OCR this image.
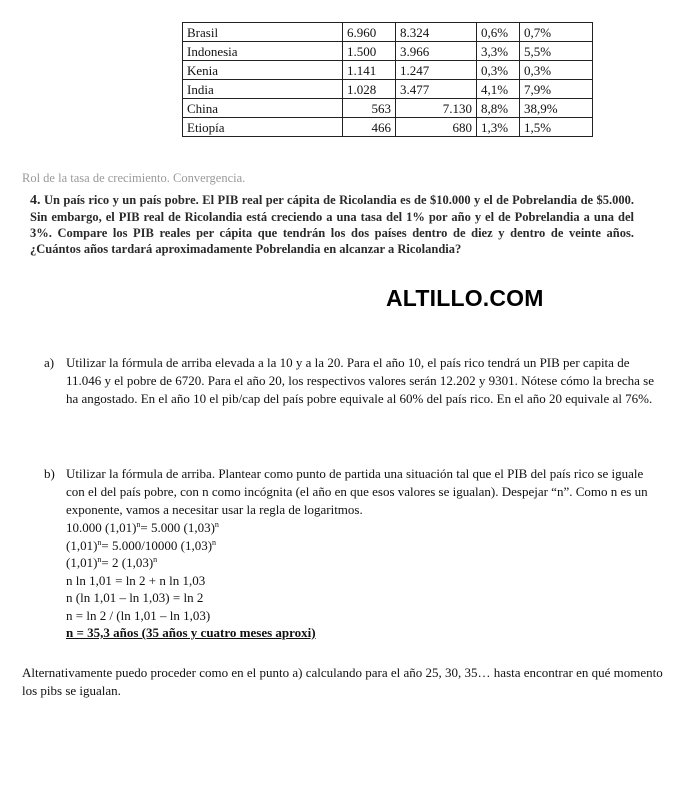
Brasil	6.960	8.324	0,6%	0,7%
Indonesia	1.500	3.966	3,3%	5,5%
Kenia	1.141	1.247	0,3%	0,3%
India	1.028	3.477	4,1%	7,9%
China	563	7.130	8,8%	38,9%
Etiopía	466	680	1,3%	1,5%
Rol de la tasa de crecimiento. Convergencia.
4. Un país rico y un país pobre. El PIB real per cápita de Ricolandia es de $10.000 y el de Pobrelandia de $5.000. Sin embargo, el PIB real de Ricolandia está creciendo a una tasa del 1% por año y el de Pobrelandia a una del 3%. Compare los PIB reales per cápita que tendrán los dos países dentro de diez y dentro de veinte años. ¿Cuántos años tardará aproximadamente Pobrelandia en alcanzar a Ricolandia?
ALTILLO.COM
a) Utilizar la fórmula de arriba elevada a la 10 y a la 20. Para el año 10, el país rico tendrá un PIB per capita de 11.046 y el pobre de 6720. Para el año 20, los respectivos valores serán 12.202 y 9301. Nótese cómo la brecha se ha angostado. En el año 10 el pib/cap del país pobre equivale al 60% del país rico. En el año 20 equivale al 76%.
b) Utilizar la fórmula de arriba. Plantear como punto de partida una situación tal que el PIB del país rico se iguale con el del país pobre, con n como incógnita (el año en que esos valores se igualan). Despejar “n”. Como n es un exponente, vamos a necesitar usar la regla de logaritmos.

10.000 $(1,01)^n= 5.000$ $(1,03)^n$

$(1,01)^n= 5.000/10000$ $(1,03)^n$

$(1,01)^n= 2$ $(1,03)^n$

n ln 1,01 = ln 2 + n ln 1,03

n (ln 1,01 – ln 1,03) = ln 2

n = ln 2 / (ln 1,01 – ln 1,03)

n = 35,3 años (35 años y cuatro meses aproxi)

Alternativamente puedo proceder como en el punto a) calculando para el año 25, 30, 35… hasta encontrar en qué momento los pibs se igualan.
